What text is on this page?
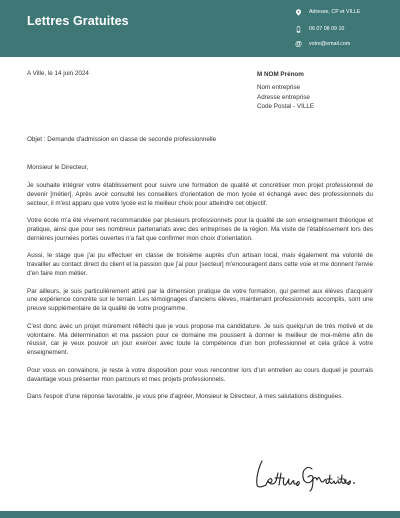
Lettres Gratuites
Adresse, CP et VILLE
06 07 08 09 10
@ votre@email.com
A Ville, le 14 juin 2024	M NOM Prénom
Nom entreprise
Adresse entreprise
Code Postal - VILLE
Objet : Demande d'admission en classe de seconde professionnelle
Monsieur le Directeur,

Je souhaite intégrer votre établissement pour suivre une formation de qualité et concrétiser mon projet professionnel de devenir [métier]. Après avoir consulté les conseillers d'orientation de mon lycée et échangé avec des professionnels du secteur, il m'est apparu que votre lycée est le meilleur choix pour atteindre cet objectif.

Votre école m'a été vivement recommandée par plusieurs professionnels pour la qualité de son enseignement théorique et pratique, ainsi que pour ses nombreux partenariats avec des entreprises de la région. Ma visite de l'établissement lors des dernières journées portes ouvertes n'a fait que confirmer mon choix d'orientation.

Aussi, le stage que j'ai pu effectuer en classe de troisième auprès d'un artisan local, mais également ma volonté de travailler au contact direct du client et la passion que j'ai pour [secteur] m'encouragent dans cette voie et me donnent l'envie d'en faire mon métier.

Par ailleurs, je suis particulièrement attiré par la dimension pratique de votre formation, qui permet aux élèves d'acquérir une expérience concrète sur le terrain. Les témoignages d'anciens élèves, maintenant professionnels accomplis, sont une preuve supplémentaire de la qualité de votre programme.

C'est donc avec un projet mûrement réfléchi que je vous propose ma candidature. Je suis quelqu'un de très motivé et de volontaire. Ma détermination et ma passion pour ce domaine me poussent à donner le meilleur de moi-même afin de réussir, car je veux pouvoir un jour exercer avec toute la compétence d'un bon professionnel et cela grâce à votre enseignement.

Pour vous en convaincre, je reste à votre disposition pour vous rencontrer lors d'un entretien au cours duquel je pourrais davantage vous présenter mon parcours et mes projets professionnels.

Dans l'espoir d'une réponse favorable, je vous prie d'agréer, Monsieur le Directeur, à mes salutations distinguées.
